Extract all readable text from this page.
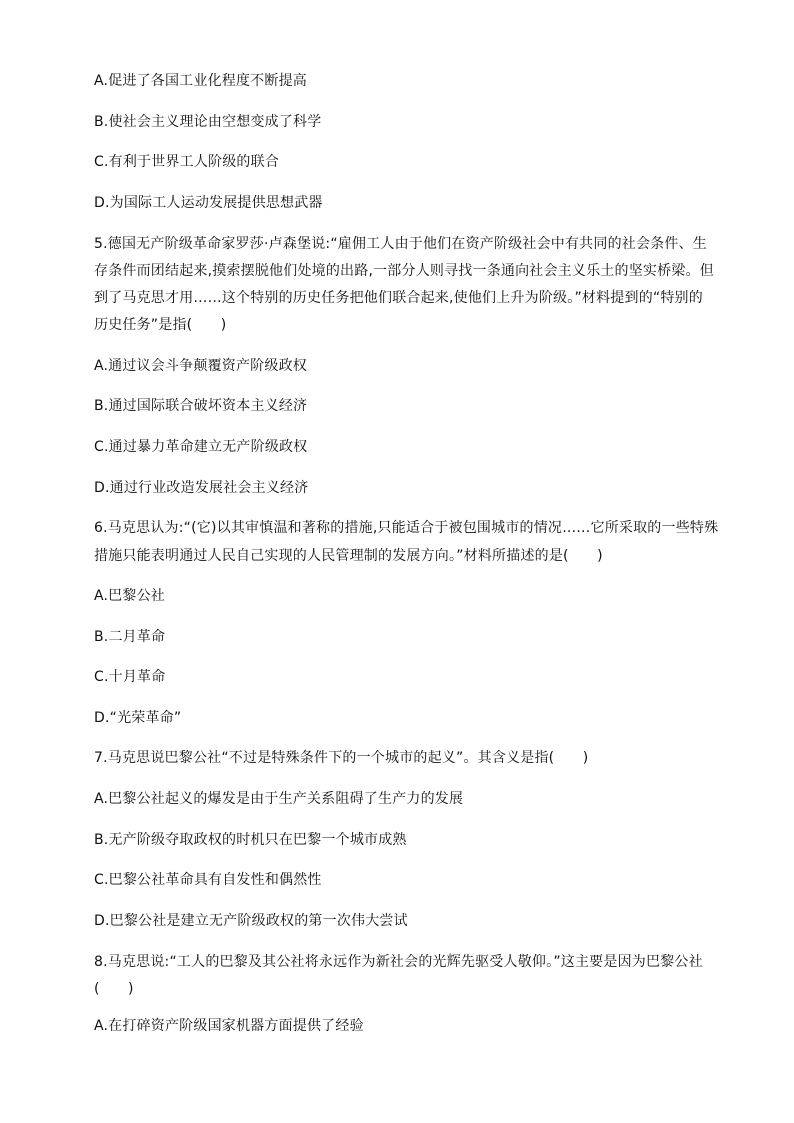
A.促进了各国工业化程度不断提高
B.使社会主义理论由空想变成了科学
C.有利于世界工人阶级的联合
D.为国际工人运动发展提供思想武器
5.德国无产阶级革命家罗莎·卢森堡说:“雇佣工人由于他们在资产阶级社会中有共同的社会条件、生
存条件而团结起来,摸索摆脱他们处境的出路,一部分人则寻找一条通向社会主义乐土的坚实桥梁。但
到了马克思才用……这个特别的历史任务把他们联合起来,使他们上升为阶级。”材料提到的“特别的
历史任务”是指(　　)
A.通过议会斗争颠覆资产阶级政权
B.通过国际联合破坏资本主义经济
C.通过暴力革命建立无产阶级政权
D.通过行业改造发展社会主义经济
6.马克思认为:“(它)以其审慎温和著称的措施,只能适合于被包围城市的情况……它所采取的一些特殊
措施只能表明通过人民自己实现的人民管理制的发展方向。”材料所描述的是(　　)
A.巴黎公社
B.二月革命
C.十月革命
D.“光荣革命”
7.马克思说巴黎公社“不过是特殊条件下的一个城市的起义”。其含义是指(　　)
A.巴黎公社起义的爆发是由于生产关系阻碍了生产力的发展
B.无产阶级夺取政权的时机只在巴黎一个城市成熟
C.巴黎公社革命具有自发性和偶然性
D.巴黎公社是建立无产阶级政权的第一次伟大尝试
8.马克思说:“工人的巴黎及其公社将永远作为新社会的光辉先驱受人敬仰。”这主要是因为巴黎公社
(　　)
A.在打碎资产阶级国家机器方面提供了经验
